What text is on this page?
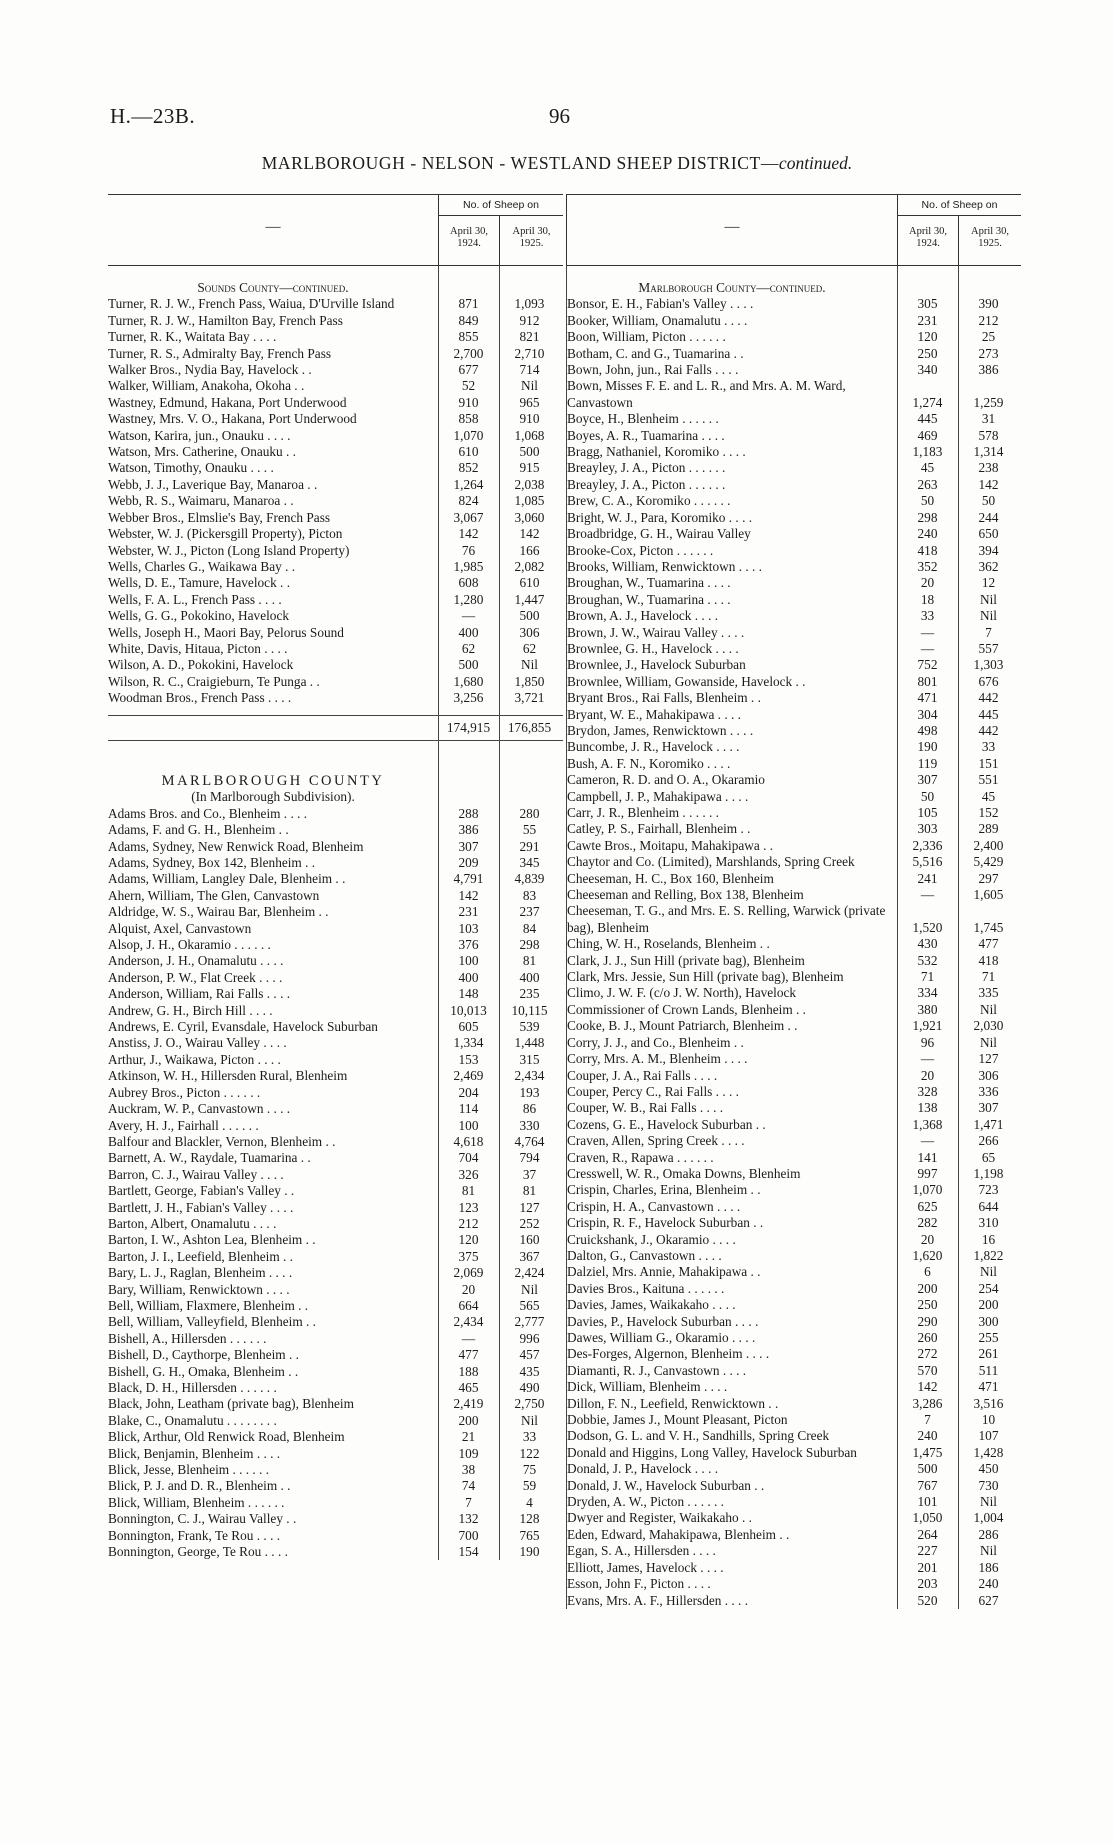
H.—23B.	96
MARLBOROUGH - NELSON - WESTLAND SHEEP DISTRICT—continued.
—
No. of Sheep on
April 30,
1924.
April 30,
1925.
Sounds County—continued.
Turner, R. J. W., French Pass, Waiua, D'Urville Island	871	1,093
Turner, R. J. W., Hamilton Bay, French Pass	849	912
Turner, R. K., Waitata Bay . . . .	855	821
Turner, R. S., Admiralty Bay, French Pass	2,700	2,710
Walker Bros., Nydia Bay, Havelock . .	677	714
Walker, William, Anakoha, Okoha . .	52	Nil
Wastney, Edmund, Hakana, Port Underwood	910	965
Wastney, Mrs. V. O., Hakana, Port Underwood	858	910
Watson, Karira, jun., Onauku . . . .	1,070	1,068
Watson, Mrs. Catherine, Onauku . .	610	500
Watson, Timothy, Onauku . . . .	852	915
Webb, J. J., Laverique Bay, Manaroa . .	1,264	2,038
Webb, R. S., Waimaru, Manaroa . .	824	1,085
Webber Bros., Elmslie's Bay, French Pass	3,067	3,060
Webster, W. J. (Pickersgill Property), Picton	142	142
Webster, W. J., Picton (Long Island Property)	76	166
Wells, Charles G., Waikawa Bay . .	1,985	2,082
Wells, D. E., Tamure, Havelock . .	608	610
Wells, F. A. L., French Pass . . . .	1,280	1,447
Wells, G. G., Pokokino, Havelock	—	500
Wells, Joseph H., Maori Bay, Pelorus Sound	400	306
White, Davis, Hitaua, Picton . . . .	62	62
Wilson, A. D., Pokokini, Havelock	500	Nil
Wilson, R. C., Craigieburn, Te Punga . .	1,680	1,850
Woodman Bros., French Pass . . . .	3,256	3,721
174,915	176,855
MARLBOROUGH COUNTY
(In Marlborough Subdivision).
Adams Bros. and Co., Blenheim . . . .	288	280
Adams, F. and G. H., Blenheim . .	386	55
Adams, Sydney, New Renwick Road, Blenheim	307	291
Adams, Sydney, Box 142, Blenheim . .	209	345
Adams, William, Langley Dale, Blenheim . .	4,791	4,839
Ahern, William, The Glen, Canvastown	142	83
Aldridge, W. S., Wairau Bar, Blenheim . .	231	237
Alquist, Axel, Canvastown	103	84
Alsop, J. H., Okaramio . . . . . .	376	298
Anderson, J. H., Onamalutu . . . .	100	81
Anderson, P. W., Flat Creek . . . .	400	400
Anderson, William, Rai Falls . . . .	148	235
Andrew, G. H., Birch Hill . . . .	10,013	10,115
Andrews, E. Cyril, Evansdale, Havelock Suburban	605	539
Anstiss, J. O., Wairau Valley . . . .	1,334	1,448
Arthur, J., Waikawa, Picton . . . .	153	315
Atkinson, W. H., Hillersden Rural, Blenheim	2,469	2,434
Aubrey Bros., Picton . . . . . .	204	193
Auckram, W. P., Canvastown . . . .	114	86
Avery, H. J., Fairhall . . . . . .	100	330
Balfour and Blackler, Vernon, Blenheim . .	4,618	4,764
Barnett, A. W., Raydale, Tuamarina . .	704	794
Barron, C. J., Wairau Valley . . . .	326	37
Bartlett, George, Fabian's Valley . .	81	81
Bartlett, J. H., Fabian's Valley . . . .	123	127
Barton, Albert, Onamalutu . . . .	212	252
Barton, I. W., Ashton Lea, Blenheim . .	120	160
Barton, J. I., Leefield, Blenheim . .	375	367
Bary, L. J., Raglan, Blenheim . . . .	2,069	2,424
Bary, William, Renwicktown . . . .	20	Nil
Bell, William, Flaxmere, Blenheim . .	664	565
Bell, William, Valleyfield, Blenheim . .	2,434	2,777
Bishell, A., Hillersden . . . . . .	—	996
Bishell, D., Caythorpe, Blenheim . .	477	457
Bishell, G. H., Omaka, Blenheim . .	188	435
Black, D. H., Hillersden . . . . . .	465	490
Black, John, Leatham (private bag), Blenheim	2,419	2,750
Blake, C., Onamalutu . . . . . . . .	200	Nil
Blick, Arthur, Old Renwick Road, Blenheim	21	33
Blick, Benjamin, Blenheim . . . .	109	122
Blick, Jesse, Blenheim . . . . . .	38	75
Blick, P. J. and D. R., Blenheim . .	74	59
Blick, William, Blenheim . . . . . .	7	4
Bonnington, C. J., Wairau Valley . .	132	128
Bonnington, Frank, Te Rou . . . .	700	765
Bonnington, George, Te Rou . . . .	154	190
—
No. of Sheep on
April 30,
1924.
April 30,
1925.
Marlborough County—continued.
Bonsor, E. H., Fabian's Valley . . . .	305	390
Booker, William, Onamalutu . . . .	231	212
Boon, William, Picton . . . . . .	120	25
Botham, C. and G., Tuamarina . .	250	273
Bown, John, jun., Rai Falls . . . .	340	386
Bown, Misses F. E. and L. R., and Mrs. A. M. Ward, Canvastown	1,274	1,259
Boyce, H., Blenheim . . . . . .	445	31
Boyes, A. R., Tuamarina . . . .	469	578
Bragg, Nathaniel, Koromiko . . . .	1,183	1,314
Breayley, J. A., Picton . . . . . .	45	238
Breayley, J. A., Picton . . . . . .	263	142
Brew, C. A., Koromiko . . . . . .	50	50
Bright, W. J., Para, Koromiko . . . .	298	244
Broadbridge, G. H., Wairau Valley	240	650
Brooke-Cox, Picton . . . . . .	418	394
Brooks, William, Renwicktown . . . .	352	362
Broughan, W., Tuamarina . . . .	20	12
Broughan, W., Tuamarina . . . .	18	Nil
Brown, A. J., Havelock . . . .	33	Nil
Brown, J. W., Wairau Valley . . . .	—	7
Brownlee, G. H., Havelock . . . .	—	557
Brownlee, J., Havelock Suburban	752	1,303
Brownlee, William, Gowanside, Havelock . .	801	676
Bryant Bros., Rai Falls, Blenheim . .	471	442
Bryant, W. E., Mahakipawa . . . .	304	445
Brydon, James, Renwicktown . . . .	498	442
Buncombe, J. R., Havelock . . . .	190	33
Bush, A. F. N., Koromiko . . . .	119	151
Cameron, R. D. and O. A., Okaramio	307	551
Campbell, J. P., Mahakipawa . . . .	50	45
Carr, J. R., Blenheim . . . . . .	105	152
Catley, P. S., Fairhall, Blenheim . .	303	289
Cawte Bros., Moitapu, Mahakipawa . .	2,336	2,400
Chaytor and Co. (Limited), Marshlands, Spring Creek	5,516	5,429
Cheeseman, H. C., Box 160, Blenheim	241	297
Cheeseman and Relling, Box 138, Blenheim	—	1,605
Cheeseman, T. G., and Mrs. E. S. Relling, Warwick (private bag), Blenheim	1,520	1,745
Ching, W. H., Roselands, Blenheim . .	430	477
Clark, J. J., Sun Hill (private bag), Blenheim	532	418
Clark, Mrs. Jessie, Sun Hill (private bag), Blenheim	71	71
Climo, J. W. F. (c/o J. W. North), Havelock	334	335
Commissioner of Crown Lands, Blenheim . .	380	Nil
Cooke, B. J., Mount Patriarch, Blenheim . .	1,921	2,030
Corry, J. J., and Co., Blenheim . .	96	Nil
Corry, Mrs. A. M., Blenheim . . . .	—	127
Couper, J. A., Rai Falls . . . .	20	306
Couper, Percy C., Rai Falls . . . .	328	336
Couper, W. B., Rai Falls . . . .	138	307
Cozens, G. E., Havelock Suburban . .	1,368	1,471
Craven, Allen, Spring Creek . . . .	—	266
Craven, R., Rapawa . . . . . .	141	65
Cresswell, W. R., Omaka Downs, Blenheim	997	1,198
Crispin, Charles, Erina, Blenheim . .	1,070	723
Crispin, H. A., Canvastown . . . .	625	644
Crispin, R. F., Havelock Suburban . .	282	310
Cruickshank, J., Okaramio . . . .	20	16
Dalton, G., Canvastown . . . .	1,620	1,822
Dalziel, Mrs. Annie, Mahakipawa . .	6	Nil
Davies Bros., Kaituna . . . . . .	200	254
Davies, James, Waikakaho . . . .	250	200
Davies, P., Havelock Suburban . . . .	290	300
Dawes, William G., Okaramio . . . .	260	255
Des-Forges, Algernon, Blenheim . . . .	272	261
Diamanti, R. J., Canvastown . . . .	570	511
Dick, William, Blenheim . . . .	142	471
Dillon, F. N., Leefield, Renwicktown . .	3,286	3,516
Dobbie, James J., Mount Pleasant, Picton	7	10
Dodson, G. L. and V. H., Sandhills, Spring Creek	240	107
Donald and Higgins, Long Valley, Havelock Suburban	1,475	1,428
Donald, J. P., Havelock . . . .	500	450
Donald, J. W., Havelock Suburban . .	767	730
Dryden, A. W., Picton . . . . . .	101	Nil
Dwyer and Register, Waikakaho . .	1,050	1,004
Eden, Edward, Mahakipawa, Blenheim . .	264	286
Egan, S. A., Hillersden . . . .	227	Nil
Elliott, James, Havelock . . . .	201	186
Esson, John F., Picton . . . .	203	240
Evans, Mrs. A. F., Hillersden . . . .	520	627
